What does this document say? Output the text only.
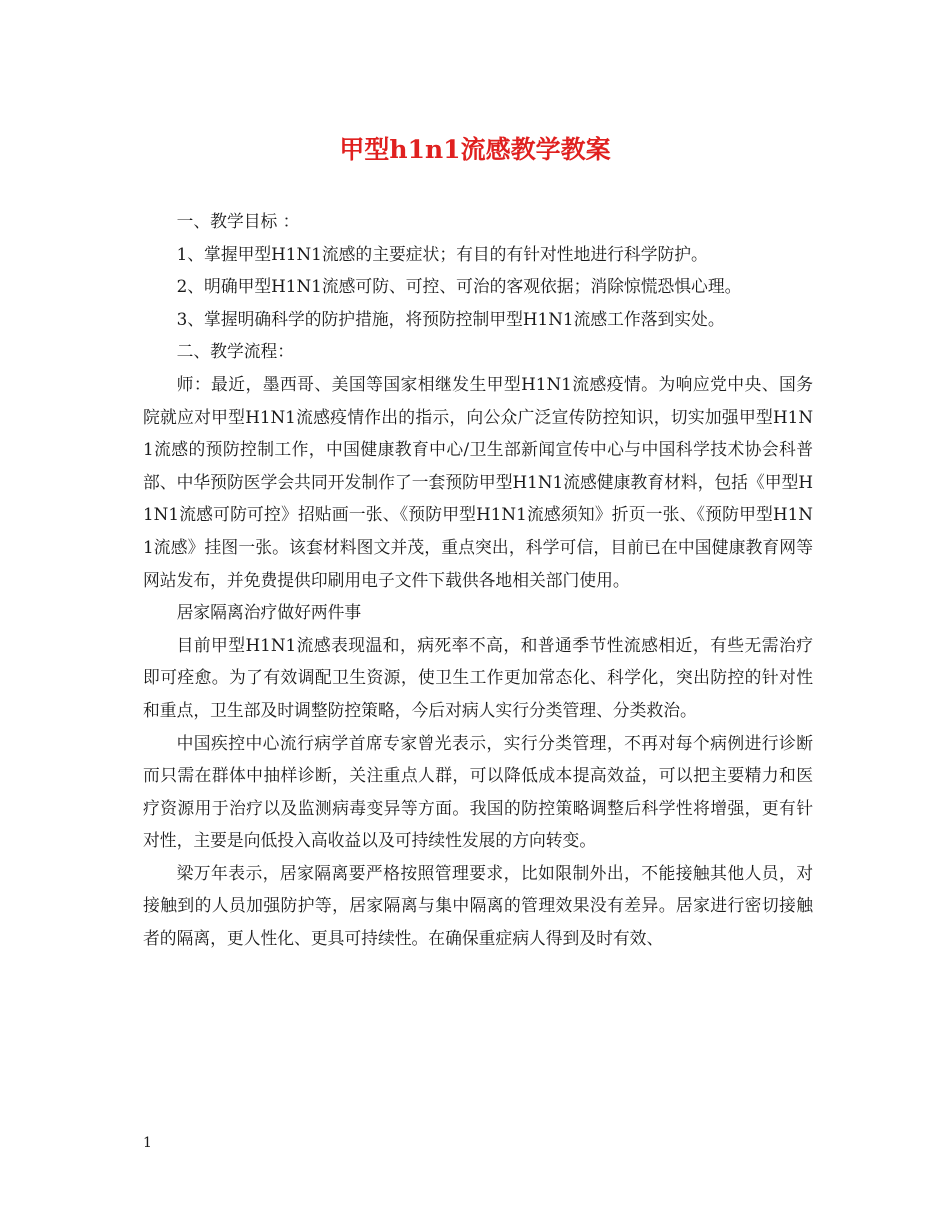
甲型h1n1流感教学教案

一、教学目标 ：

1、掌握甲型H1N1流感的主要症状；有目的有针对性地进行科学防护。

2、明确甲型H1N1流感可防、可控、可治的客观依据；消除惊慌恐惧心理。

3、掌握明确科学的防护措施，将预防控制甲型H1N1流感工作落到实处。

二、教学流程：

师：最近，墨西哥、美国等国家相继发生甲型H1N1流感疫情。为响应党中央、国务院就应对甲型H1N1流感疫情作出的指示，向公众广泛宣传防控知识，切实加强甲型H1N1流感的预防控制工作，中国健康教育中心/卫生部新闻宣传中心与中国科学技术协会科普部、中华预防医学会共同开发制作了一套预防甲型H1N1流感健康教育材料，包括《甲型H1N1流感可防可控》招贴画一张、《预防甲型H1N1流感须知》折页一张、《预防甲型H1N1流感》挂图一张。该套材料图文并茂，重点突出，科学可信，目前已在中国健康教育网等网站发布，并免费提供印刷用电子文件下载供各地相关部门使用。

居家隔离治疗做好两件事

目前甲型H1N1流感表现温和，病死率不高，和普通季节性流感相近，有些无需治疗即可痊愈。为了有效调配卫生资源，使卫生工作更加常态化、科学化，突出防控的针对性和重点，卫生部及时调整防控策略，今后对病人实行分类管理、分类救治。

中国疾控中心流行病学首席专家曾光表示，实行分类管理，不再对每个病例进行诊断而只需在群体中抽样诊断，关注重点人群，可以降低成本提高效益，可以把主要精力和医疗资源用于治疗以及监测病毒变异等方面。我国的防控策略调整后科学性将增强，更有针对性，主要是向低投入高收益以及可持续性发展的方向转变。

梁万年表示，居家隔离要严格按照管理要求，比如限制外出，不能接触其他人员，对接触到的人员加强防护等，居家隔离与集中隔离的管理效果没有差异。居家进行密切接触者的隔离，更人性化、更具可持续性。在确保重症病人得到及时有效、

1
